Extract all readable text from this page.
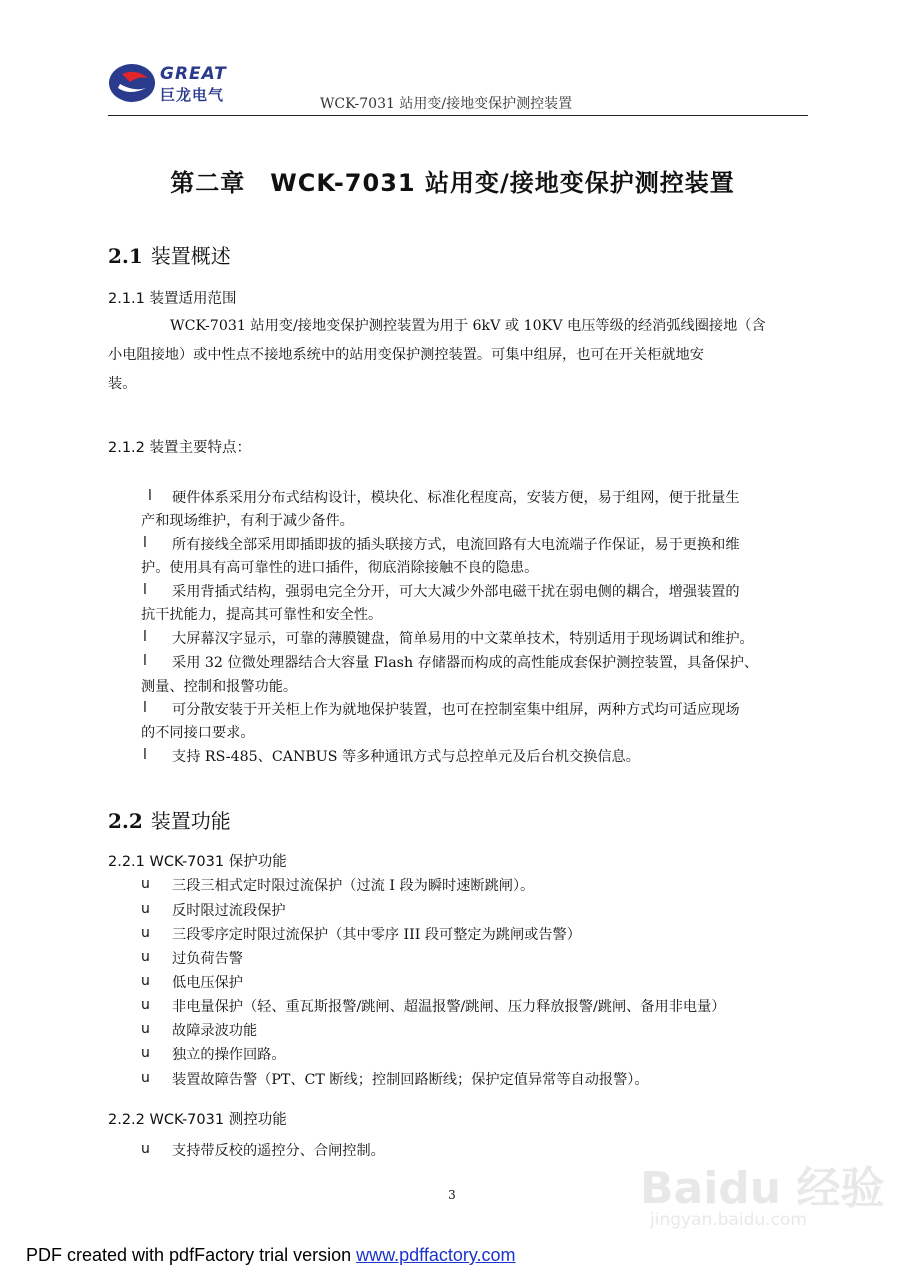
GREAT
巨龙电气	WCK-7031 站用变/接地变保护测控装置
第二章　WCK-7031 站用变/接地变保护测控装置
2.1 装置概述
2.1.1 装置适用范围
WCK-7031 站用变/接地变保护测控装置为用于 6kV 或 10KV 电压等级的经消弧线圈接地（含
小电阻接地）或中性点不接地系统中的站用变保护测控装置。可集中组屏，也可在开关柜就地安
装。
2.1.2 装置主要特点：
l 硬件体系采用分布式结构设计，模块化、标准化程度高，安装方便，易于组网，便于批量生
产和现场维护，有利于减少备件。
l 所有接线全部采用即插即拔的插头联接方式，电流回路有大电流端子作保证，易于更换和维
护。使用具有高可靠性的进口插件，彻底消除接触不良的隐患。
l 采用背插式结构，强弱电完全分开，可大大减少外部电磁干扰在弱电侧的耦合，增强装置的
抗干扰能力，提高其可靠性和安全性。
l 大屏幕汉字显示，可靠的薄膜键盘，简单易用的中文菜单技术，特别适用于现场调试和维护。
l 采用 32 位微处理器结合大容量 Flash 存储器而构成的高性能成套保护测控装置，具备保护、
测量、控制和报警功能。
l 可分散安装于开关柜上作为就地保护装置，也可在控制室集中组屏，两种方式均可适应现场
的不同接口要求。
l 支持 RS-485、CANBUS 等多种通讯方式与总控单元及后台机交换信息。
2.2 装置功能
2.2.1 WCK-7031 保护功能
u 三段三相式定时限过流保护（过流 I 段为瞬时速断跳闸）。
u 反时限过流段保护
u 三段零序定时限过流保护（其中零序 III 段可整定为跳闸或告警）
u 过负荷告警
u 低电压保护
u 非电量保护（轻、重瓦斯报警/跳闸、超温报警/跳闸、压力释放报警/跳闸、备用非电量）
u 故障录波功能
u 独立的操作回路。
u 装置故障告警（PT、CT 断线；控制回路断线；保护定值异常等自动报警）。
2.2.2 WCK-7031 测控功能
u 支持带反校的遥控分、合闸控制。
3	Baidu 经验
jingyan.baidu.com
PDF created with pdfFactory trial version www.pdffactory.com
